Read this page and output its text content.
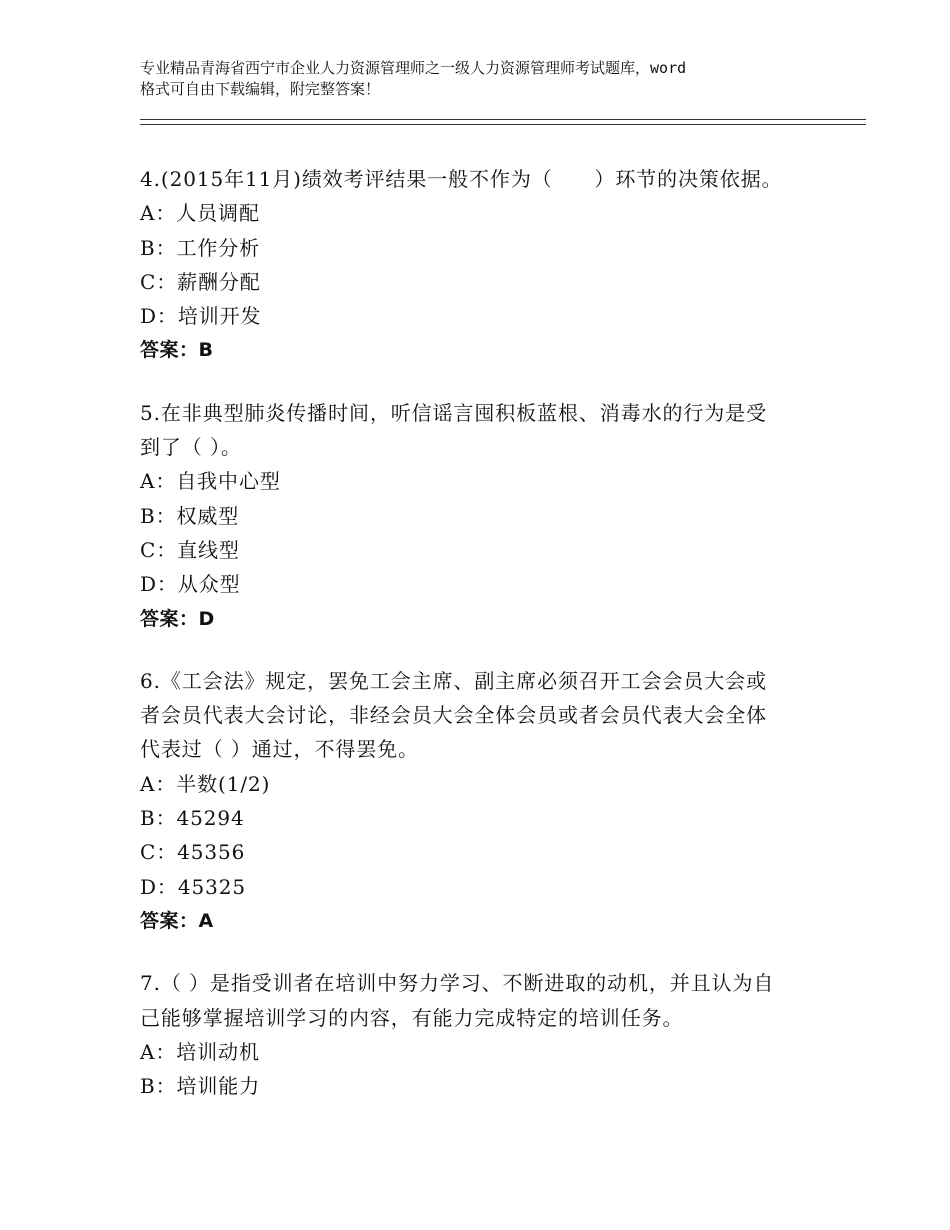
专业精品青海省西宁市企业人力资源管理师之一级人力资源管理师考试题库，word
格式可自由下载编辑，附完整答案！
4.(2015年11月)绩效考评结果一般不作为（　　）环节的决策依据。
A：人员调配
B：工作分析
C：薪酬分配
D：培训开发
答案：B
5.在非典型肺炎传播时间，听信谣言囤积板蓝根、消毒水的行为是受
到了（ ）。
A：自我中心型
B：权威型
C：直线型
D：从众型
答案：D
6.《工会法》规定，罢免工会主席、副主席必须召开工会会员大会或
者会员代表大会讨论，非经会员大会全体会员或者会员代表大会全体
代表过（ ）通过，不得罢免。
A：半数(1/2)
B：45294
C：45356
D：45325
答案：A
7.（ ）是指受训者在培训中努力学习、不断进取的动机，并且认为自
己能够掌握培训学习的内容，有能力完成特定的培训任务。
A：培训动机
B：培训能力
